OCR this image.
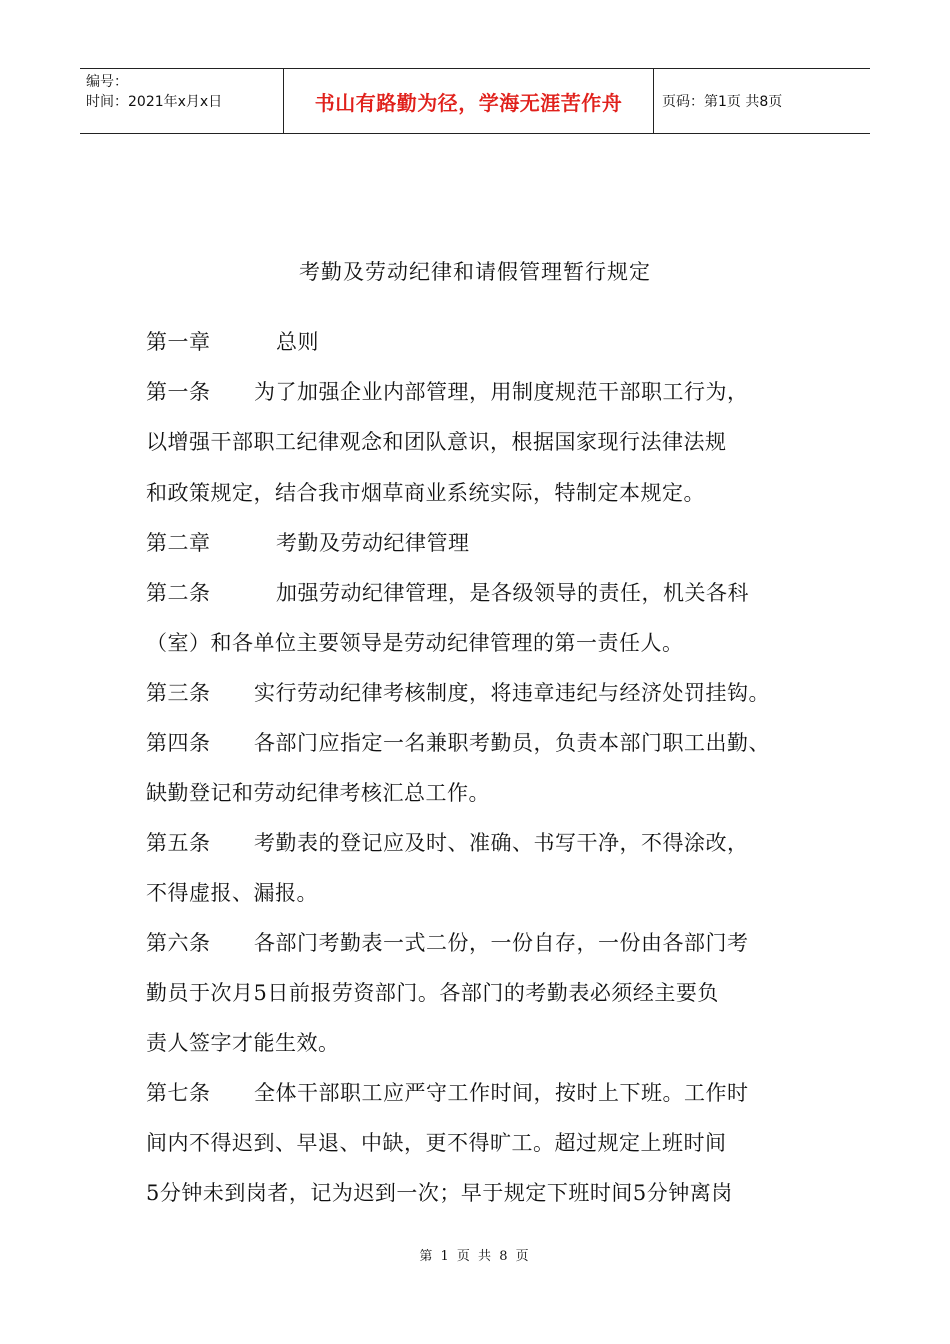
编号：
时间：2021年x月x日	书山有路勤为径，学海无涯苦作舟	页码：第1页 共8页
考勤及劳动纪律和请假管理暂行规定
第一章	总则
第一条 为了加强企业内部管理，用制度规范干部职工行为，
以增强干部职工纪律观念和团队意识，根据国家现行法律法规
和政策规定，结合我市烟草商业系统实际，特制定本规定。
第二章	考勤及劳动纪律管理
第二条	加强劳动纪律管理，是各级领导的责任，机关各科
（室）和各单位主要领导是劳动纪律管理的第一责任人。
第三条 实行劳动纪律考核制度，将违章违纪与经济处罚挂钩。
第四条 各部门应指定一名兼职考勤员，负责本部门职工出勤、
缺勤登记和劳动纪律考核汇总工作。
第五条 考勤表的登记应及时、准确、书写干净，不得涂改，
不得虚报、漏报。
第六条 各部门考勤表一式二份，一份自存，一份由各部门考
勤员于次月5日前报劳资部门。各部门的考勤表必须经主要负
责人签字才能生效。
第七条 全体干部职工应严守工作时间，按时上下班。工作时
间内不得迟到、早退、中缺，更不得旷工。超过规定上班时间
5分钟未到岗者，记为迟到一次；早于规定下班时间5分钟离岗
第 1 页 共 8 页
